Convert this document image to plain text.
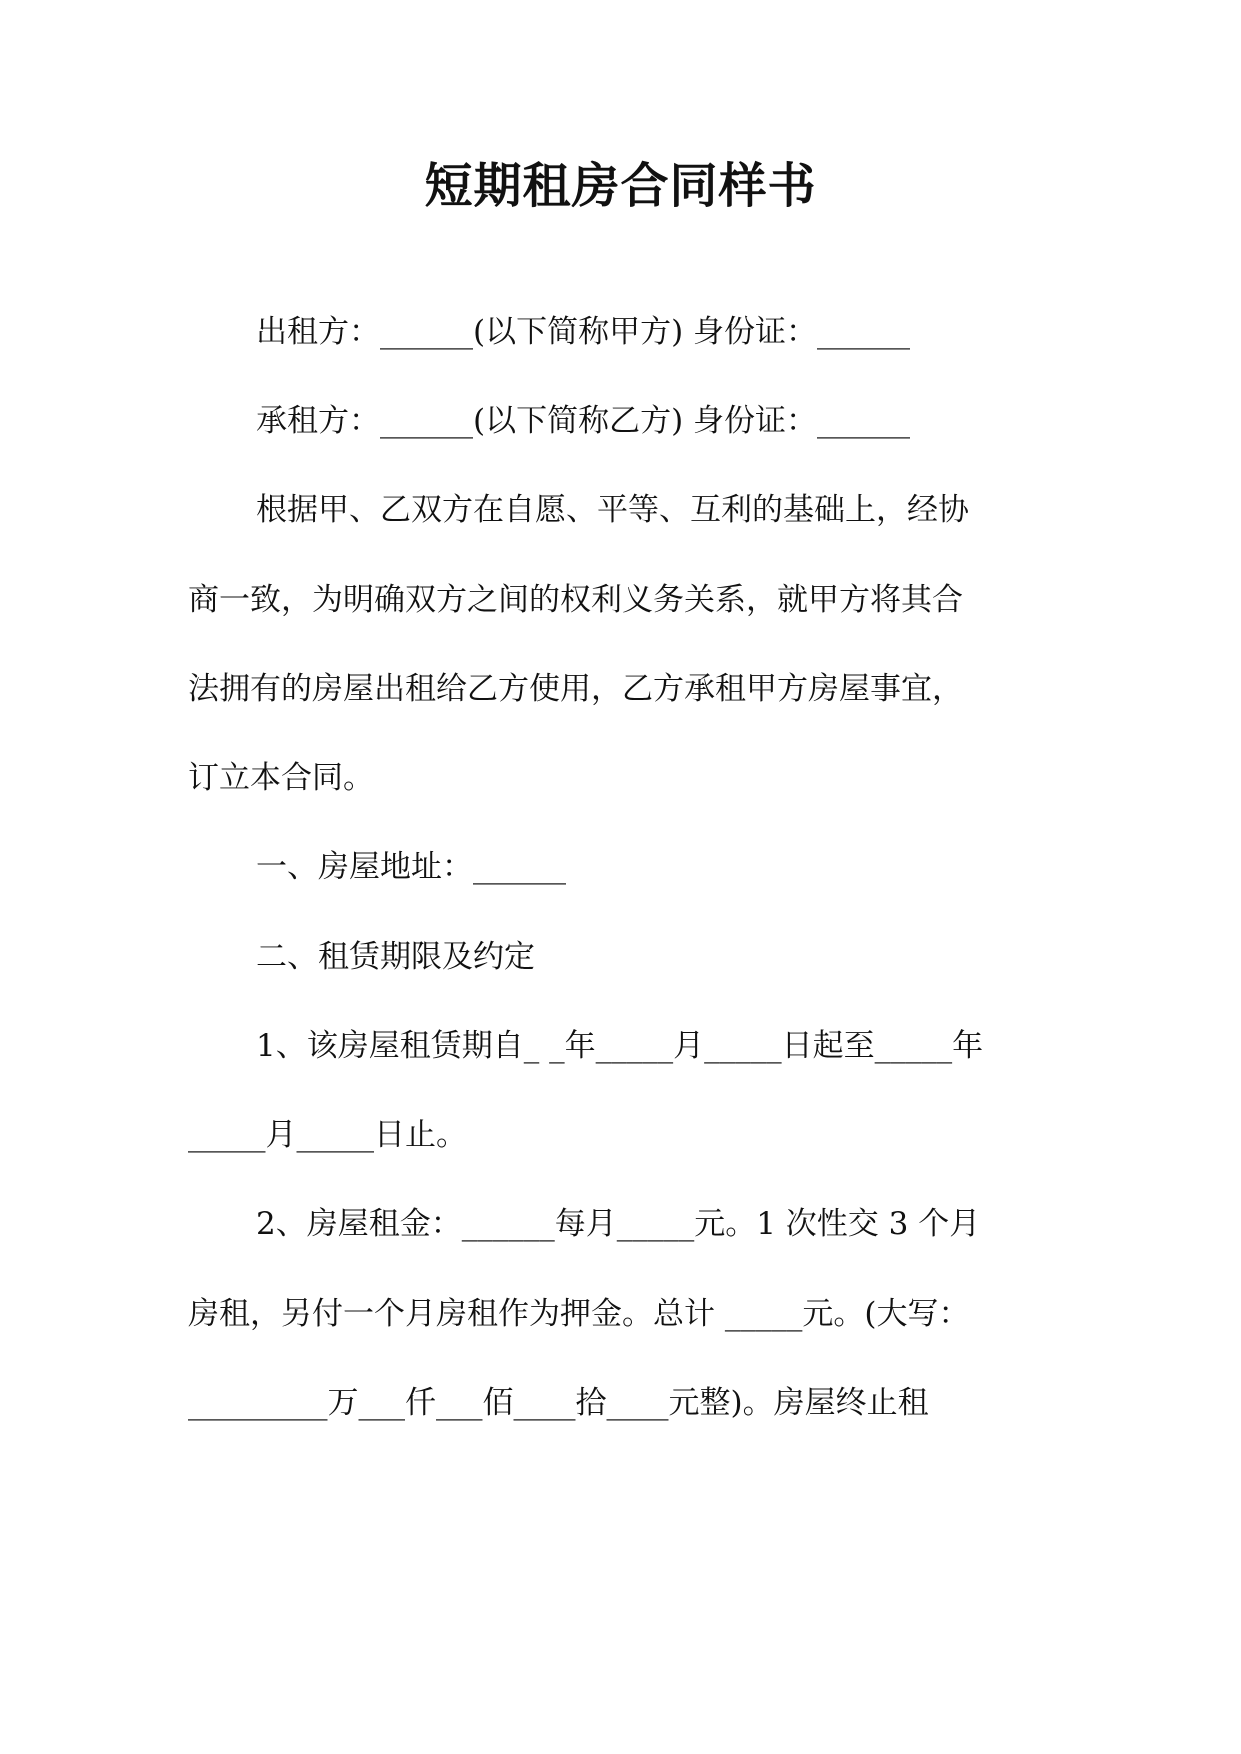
短期租房合同样书
出租方：______(以下简称甲方) 身份证：______
承租方：______(以下简称乙方) 身份证：______
根据甲、乙双方在自愿、平等、互利的基础上，经协
商一致，为明确双方之间的权利义务关系，就甲方将其合
法拥有的房屋出租给乙方使用，乙方承租甲方房屋事宜，
订立本合同。
一、房屋地址：______
二、租赁期限及约定
1、该房屋租赁期自_ _年_____月_____日起至_____年
_____月_____日止。
2、房屋租金：______每月_____元。1 次性交 3 个月
房租，另付一个月房租作为押金。总计 _____元。(大写：
_________万___仟___佰____拾____元整)。房屋终止租
